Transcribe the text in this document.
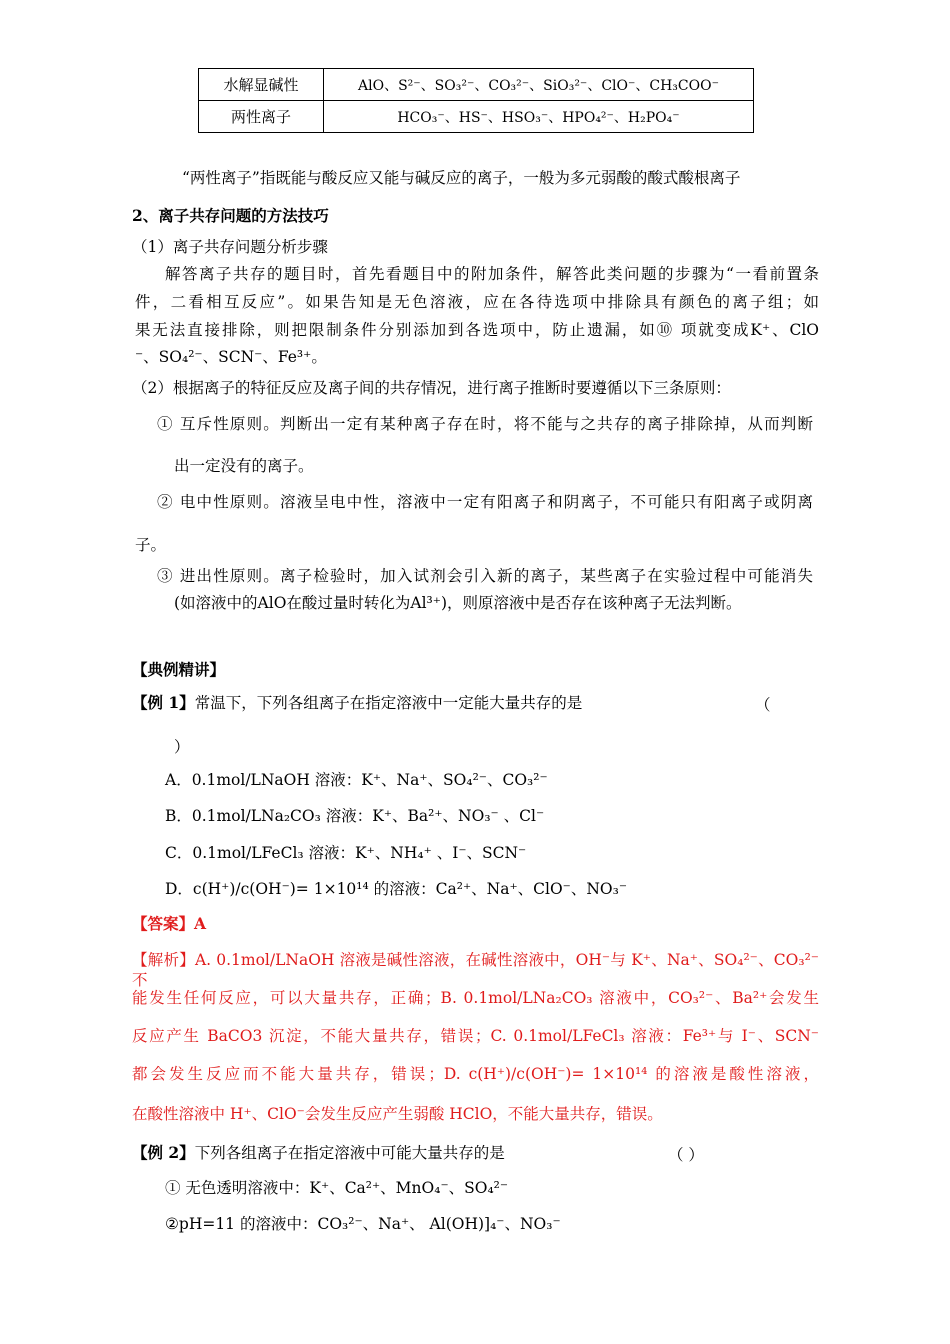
水解显碱性	AlO、S²⁻、SO₃²⁻、CO₃²⁻、SiO₃²⁻、ClO⁻、CH₃COO⁻
两性离子	HCO₃⁻、HS⁻、HSO₃⁻、HPO₄²⁻、H₂PO₄⁻
“两性离子”指既能与酸反应又能与碱反应的离子，一般为多元弱酸的酸式酸根离子
2、离子共存问题的方法技巧
（1）离子共存问题分析步骤
解答离子共存的题目时，首先看题目中的附加条件，解答此类问题的步骤为“一看前置条
件，二看相互反应”。如果告知是无色溶液，应在各待选项中排除具有颜色的离子组；如
果无法直接排除，则把限制条件分别添加到各选项中，防止遗漏，如⑩ 项就变成K⁺、ClO
⁻、SO₄²⁻、SCN⁻、Fe³⁺。
（2）根据离子的特征反应及离子间的共存情况，进行离子推断时要遵循以下三条原则：
① 互斥性原则。判断出一定有某种离子存在时，将不能与之共存的离子排除掉，从而判断
出一定没有的离子。
② 电中性原则。溶液呈电中性，溶液中一定有阳离子和阴离子，不可能只有阳离子或阴离
子。
③ 进出性原则。离子检验时，加入试剂会引入新的离子，某些离子在实验过程中可能消失
(如溶液中的AlO在酸过量时转化为Al³⁺)，则原溶液中是否存在该种离子无法判断。
【典例精讲】
【例 1】常温下，下列各组离子在指定溶液中一定能大量共存的是	（
）
A．0.1mol/LNaOH 溶液：K⁺、Na⁺、SO₄²⁻、CO₃²⁻
B．0.1mol/LNa₂CO₃ 溶液：K⁺、Ba²⁺、NO₃⁻ 、Cl⁻
C．0.1mol/LFeCl₃ 溶液：K⁺、NH₄⁺ 、I⁻、SCN⁻
D．c(H⁺)/c(OH⁻)= 1×10¹⁴ 的溶液：Ca²⁺、Na⁺、ClO⁻、NO₃⁻
【答案】A
【解析】A. 0.1mol/LNaOH 溶液是碱性溶液，在碱性溶液中，OH⁻与 K⁺、Na⁺、SO₄²⁻、CO₃²⁻ 不
能发生任何反应，可以大量共存，正确；B. 0.1mol/LNa₂CO₃ 溶液中，CO₃²⁻、Ba²⁺会发生
反应产生 BaCO3 沉淀，不能大量共存，错误；C. 0.1mol/LFeCl₃ 溶液：Fe³⁺与 I⁻、SCN⁻
都会发生反应而不能大量共存，错误；D. c(H⁺)/c(OH⁻)= 1×10¹⁴ 的溶液是酸性溶液，
在酸性溶液中 H⁺、ClO⁻会发生反应产生弱酸 HClO，不能大量共存，错误。
【例 2】下列各组离子在指定溶液中可能大量共存的是	（ ）
① 无色透明溶液中：K⁺、Ca²⁺、MnO₄⁻、SO₄²⁻
②pH=11 的溶液中：CO₃²⁻、Na⁺、 Al(OH)]₄⁻、NO₃⁻
